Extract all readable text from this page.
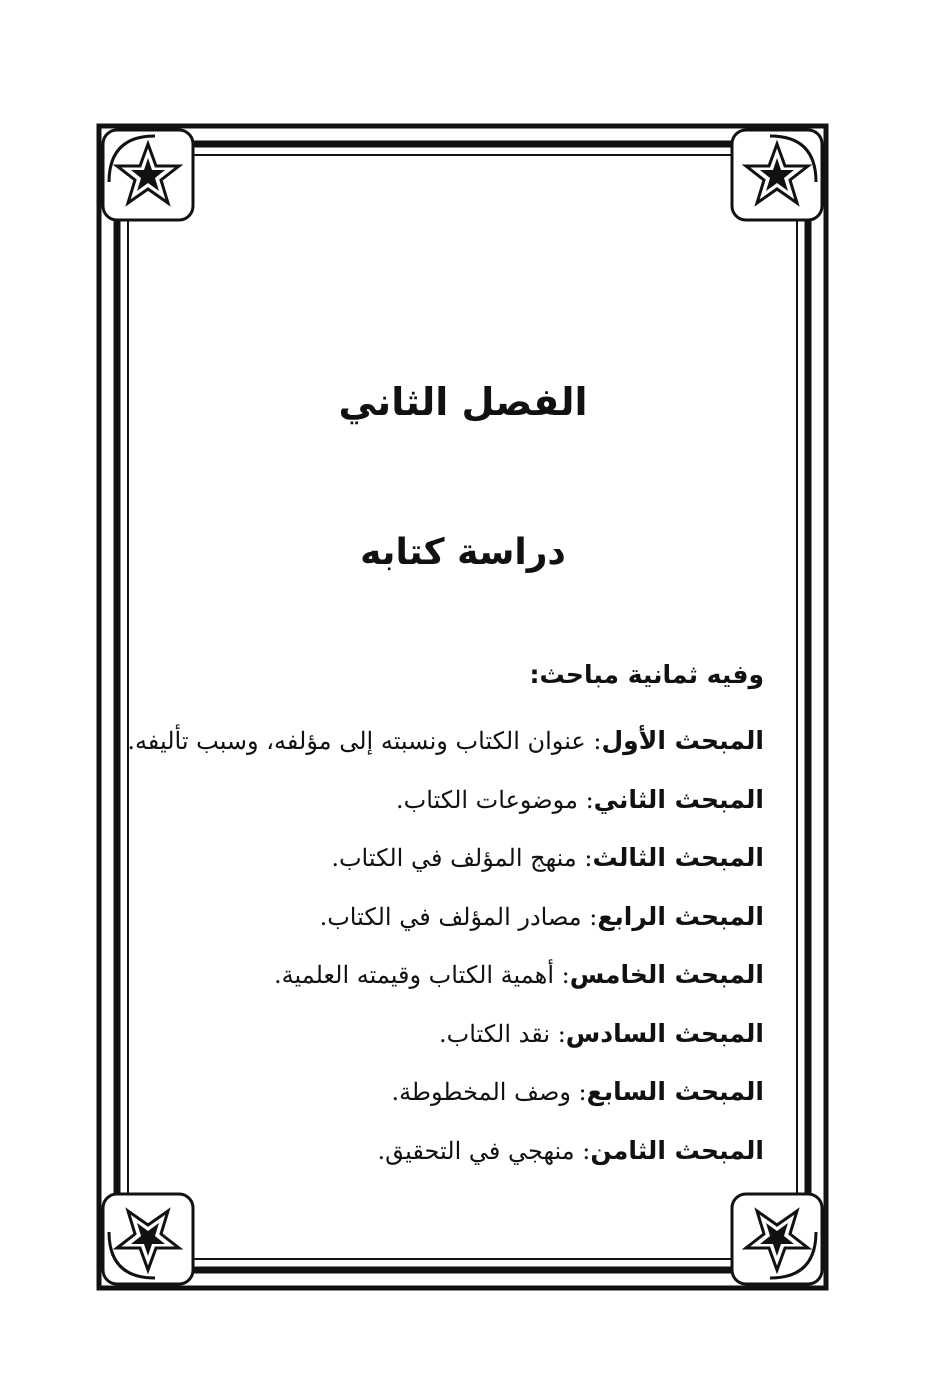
الفصل الثاني
دراسة كتابه

وفيه ثمانية مباحث:

المبحث الأول: عنوان الكتاب ونسبته إلى مؤلفه، وسبب تأليفه.
المبحث الثاني: موضوعات الكتاب.
المبحث الثالث: منهج المؤلف في الكتاب.
المبحث الرابع: مصادر المؤلف في الكتاب.
المبحث الخامس: أهمية الكتاب وقيمته العلمية.
المبحث السادس: نقد الكتاب.
المبحث السابع: وصف المخطوطة.
المبحث الثامن: منهجي في التحقيق.
